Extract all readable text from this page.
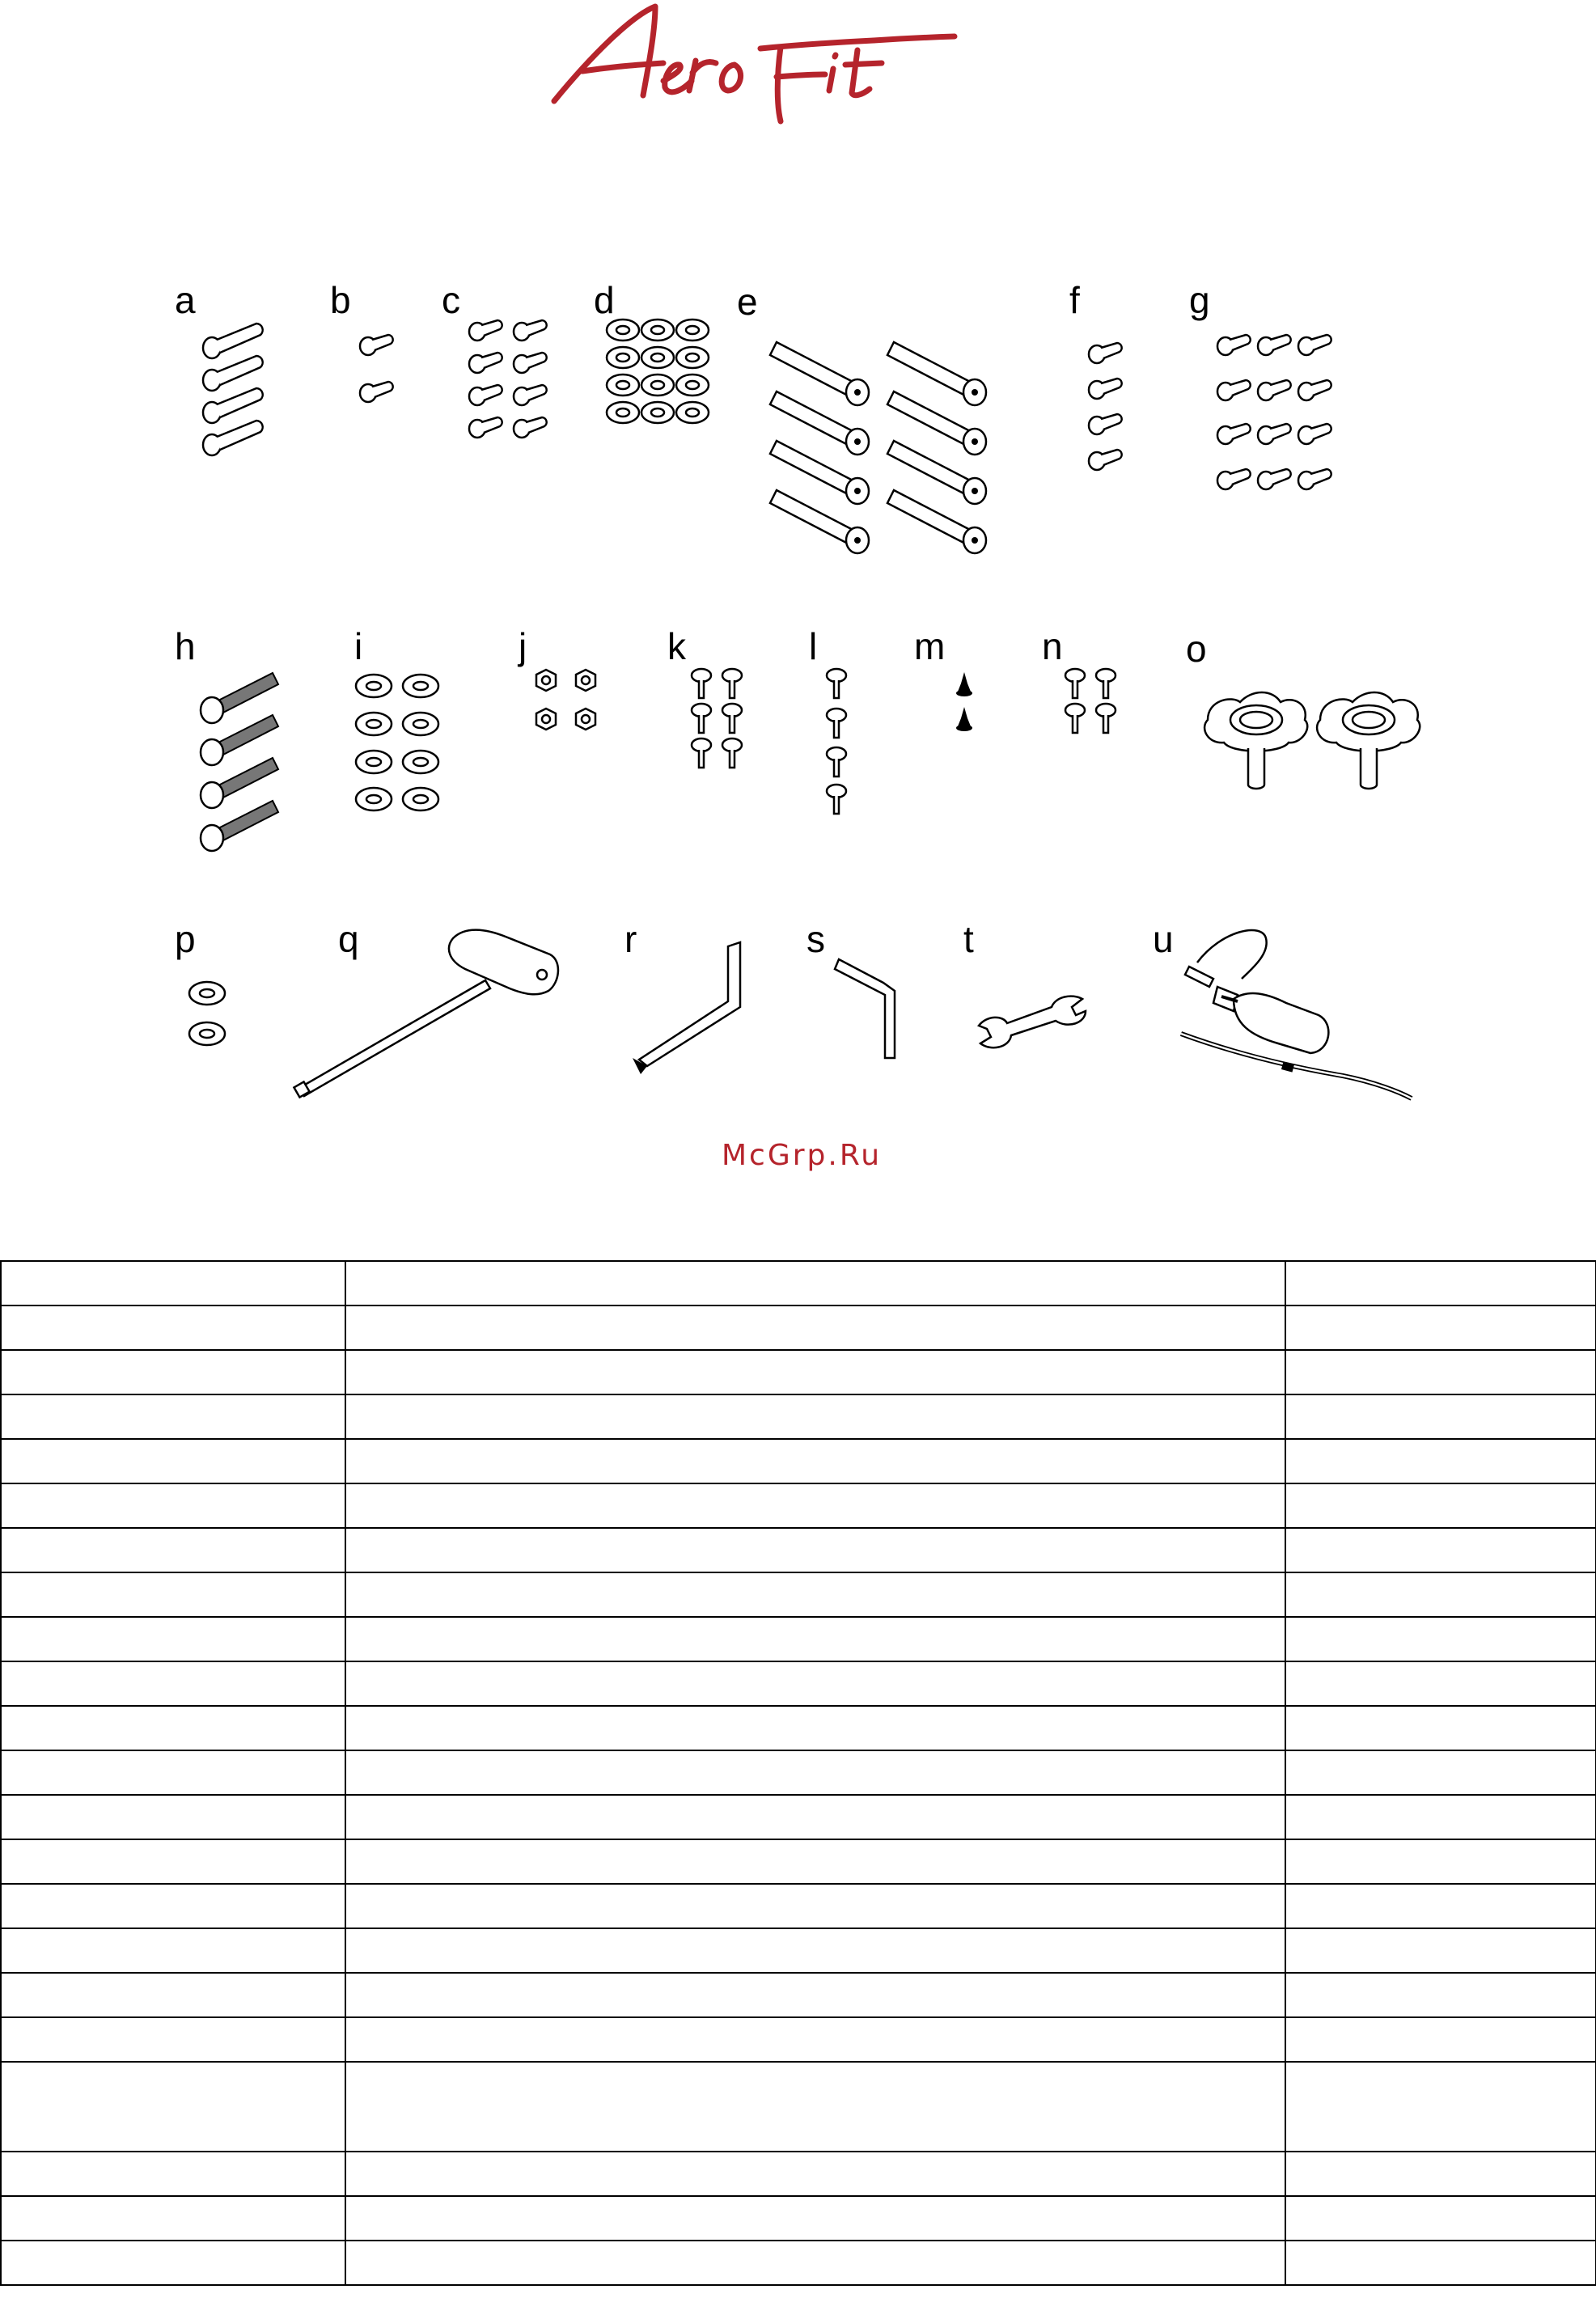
a	b c	d	e	f	g
h	i	j	k	l	m	n	o
p	q	r	s	t	u
McGrp.Ru
